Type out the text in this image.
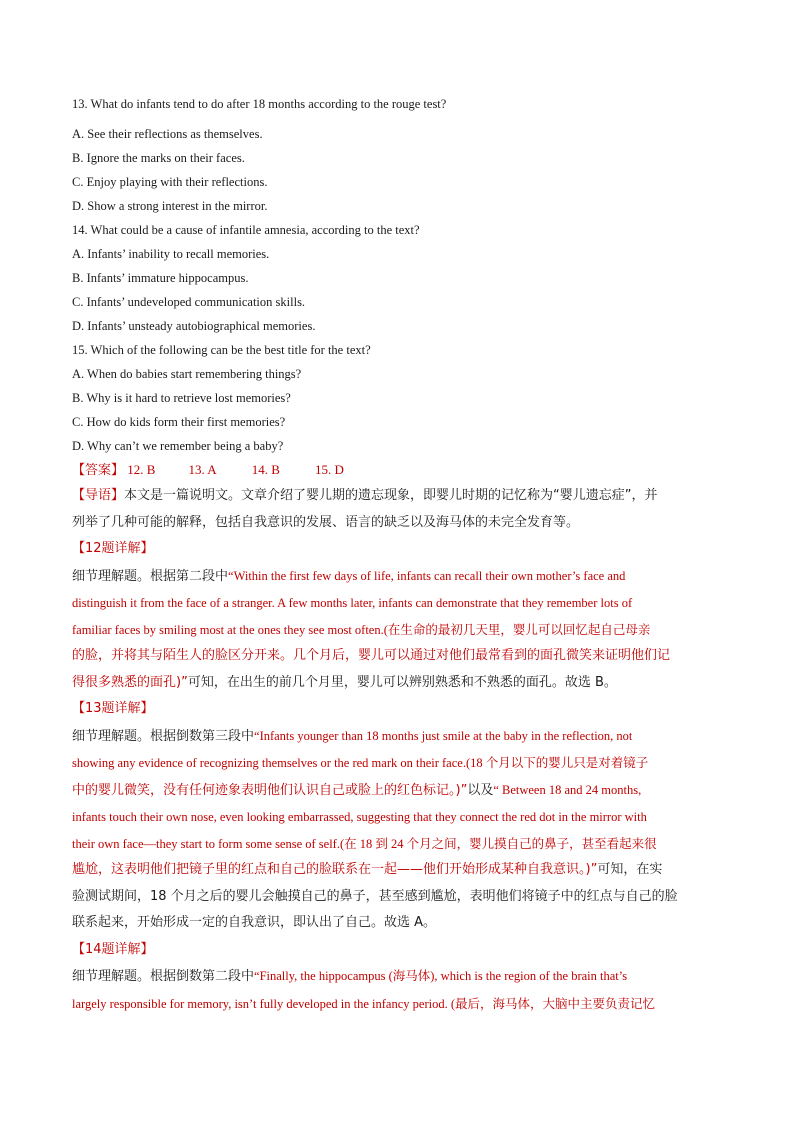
13. What do infants tend to do after 18 months according to the rouge test?
A. See their reflections as themselves.
B. Ignore the marks on their faces.
C. Enjoy playing with their reflections.
D. Show a strong interest in the mirror.
14. What could be a cause of infantile amnesia, according to the text?
A. Infants’ inability to recall memories.
B. Infants’ immature hippocampus.
C. Infants’ undeveloped communication skills.
D. Infants’ unsteady autobiographical memories.
15. Which of the following can be the best title for the text?
A. When do babies start remembering things?
B. Why is it hard to retrieve lost memories?
C. How do kids form their first memories?
D. Why can’t we remember being a baby?
【答案】 12. B	13. A	14. B	15. D
【导语】本文是一篇说明文。文章介绍了婴儿期的遗忘现象，即婴儿时期的记忆称为“婴儿遗忘症”，并
列举了几种可能的解释，包括自我意识的发展、语言的缺乏以及海马体的未完全发育等。
【12题详解】
细节理解题。根据第二段中“Within the first few days of life, infants can recall their own mother’s face and
distinguish it from the face of a stranger. A few months later, infants can demonstrate that they remember lots of
familiar faces by smiling most at the ones they see most often.(在生命的最初几天里，婴儿可以回忆起自己母亲
的脸，并将其与陌生人的脸区分开来。几个月后，婴儿可以通过对他们最常看到的面孔微笑来证明他们记
得很多熟悉的面孔)”可知，在出生的前几个月里，婴儿可以辨别熟悉和不熟悉的面孔。故选 B。
【13题详解】
细节理解题。根据倒数第三段中“Infants younger than 18 months just smile at the baby in the reflection, not
showing any evidence of recognizing themselves or the red mark on their face.(18 个月以下的婴儿只是对着镜子
中的婴儿微笑，没有任何迹象表明他们认识自己或脸上的红色标记。)”以及“ Between 18 and 24 months,
infants touch their own nose, even looking embarrassed, suggesting that they connect the red dot in the mirror with
their own face—they start to form some sense of self.(在 18 到 24 个月之间，婴儿摸自己的鼻子，甚至看起来很
尴尬，这表明他们把镜子里的红点和自己的脸联系在一起——他们开始形成某种自我意识。)”可知，在实
验测试期间，18 个月之后的婴儿会触摸自己的鼻子，甚至感到尴尬，表明他们将镜子中的红点与自己的脸
联系起来，开始形成一定的自我意识，即认出了自己。故选 A。
【14题详解】
细节理解题。根据倒数第二段中“Finally, the hippocampus (海马体), which is the region of the brain that’s
largely responsible for memory, isn’t fully developed in the infancy period. (最后，海马体，大脑中主要负责记忆
